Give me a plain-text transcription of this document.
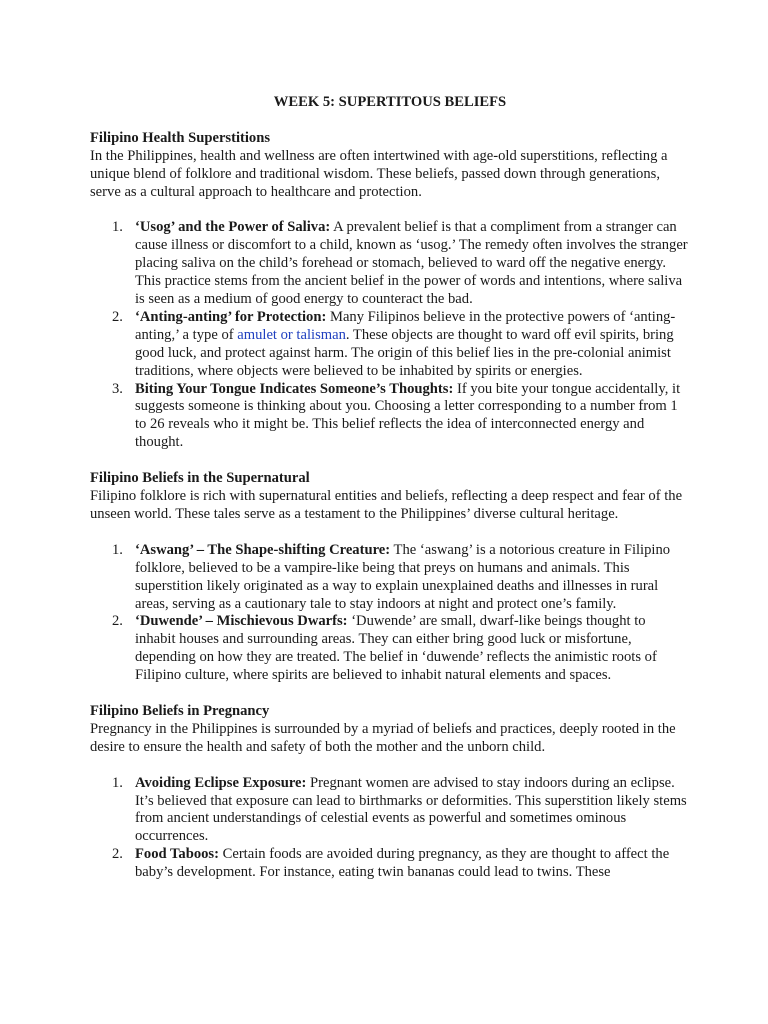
WEEK 5: SUPERTITOUS BELIEFS

Filipino Health Superstitions

In the Philippines, health and wellness are often intertwined with age-old superstitions, reflecting a unique blend of folklore and traditional wisdom. These beliefs, passed down through generations, serve as a cultural approach to healthcare and protection.

1. ‘Usog’ and the Power of Saliva: A prevalent belief is that a compliment from a stranger can cause illness or discomfort to a child, known as ‘usog.’ The remedy often involves the stranger placing saliva on the child’s forehead or stomach, believed to ward off the negative energy. This practice stems from the ancient belief in the power of words and intentions, where saliva is seen as a medium of good energy to counteract the bad.
2. ‘Anting-anting’ for Protection: Many Filipinos believe in the protective powers of ‘anting-anting,’ a type of amulet or talisman. These objects are thought to ward off evil spirits, bring good luck, and protect against harm. The origin of this belief lies in the pre-colonial animist traditions, where objects were believed to be inhabited by spirits or energies.
3. Biting Your Tongue Indicates Someone’s Thoughts: If you bite your tongue accidentally, it suggests someone is thinking about you. Choosing a letter corresponding to a number from 1 to 26 reveals who it might be. This belief reflects the idea of interconnected energy and thought.

Filipino Beliefs in the Supernatural

Filipino folklore is rich with supernatural entities and beliefs, reflecting a deep respect and fear of the unseen world. These tales serve as a testament to the Philippines’ diverse cultural heritage.

1. ‘Aswang’ – The Shape-shifting Creature: The ‘aswang’ is a notorious creature in Filipino folklore, believed to be a vampire-like being that preys on humans and animals. This superstition likely originated as a way to explain unexplained deaths and illnesses in rural areas, serving as a cautionary tale to stay indoors at night and protect one’s family.
2. ‘Duwende’ – Mischievous Dwarfs: ‘Duwende’ are small, dwarf-like beings thought to inhabit houses and surrounding areas. They can either bring good luck or misfortune, depending on how they are treated. The belief in ‘duwende’ reflects the animistic roots of Filipino culture, where spirits are believed to inhabit natural elements and spaces.

Filipino Beliefs in Pregnancy

Pregnancy in the Philippines is surrounded by a myriad of beliefs and practices, deeply rooted in the desire to ensure the health and safety of both the mother and the unborn child.

1. Avoiding Eclipse Exposure: Pregnant women are advised to stay indoors during an eclipse. It’s believed that exposure can lead to birthmarks or deformities. This superstition likely stems from ancient understandings of celestial events as powerful and sometimes ominous occurrences.
2. Food Taboos: Certain foods are avoided during pregnancy, as they are thought to affect the baby’s development. For instance, eating twin bananas could lead to twins. These
